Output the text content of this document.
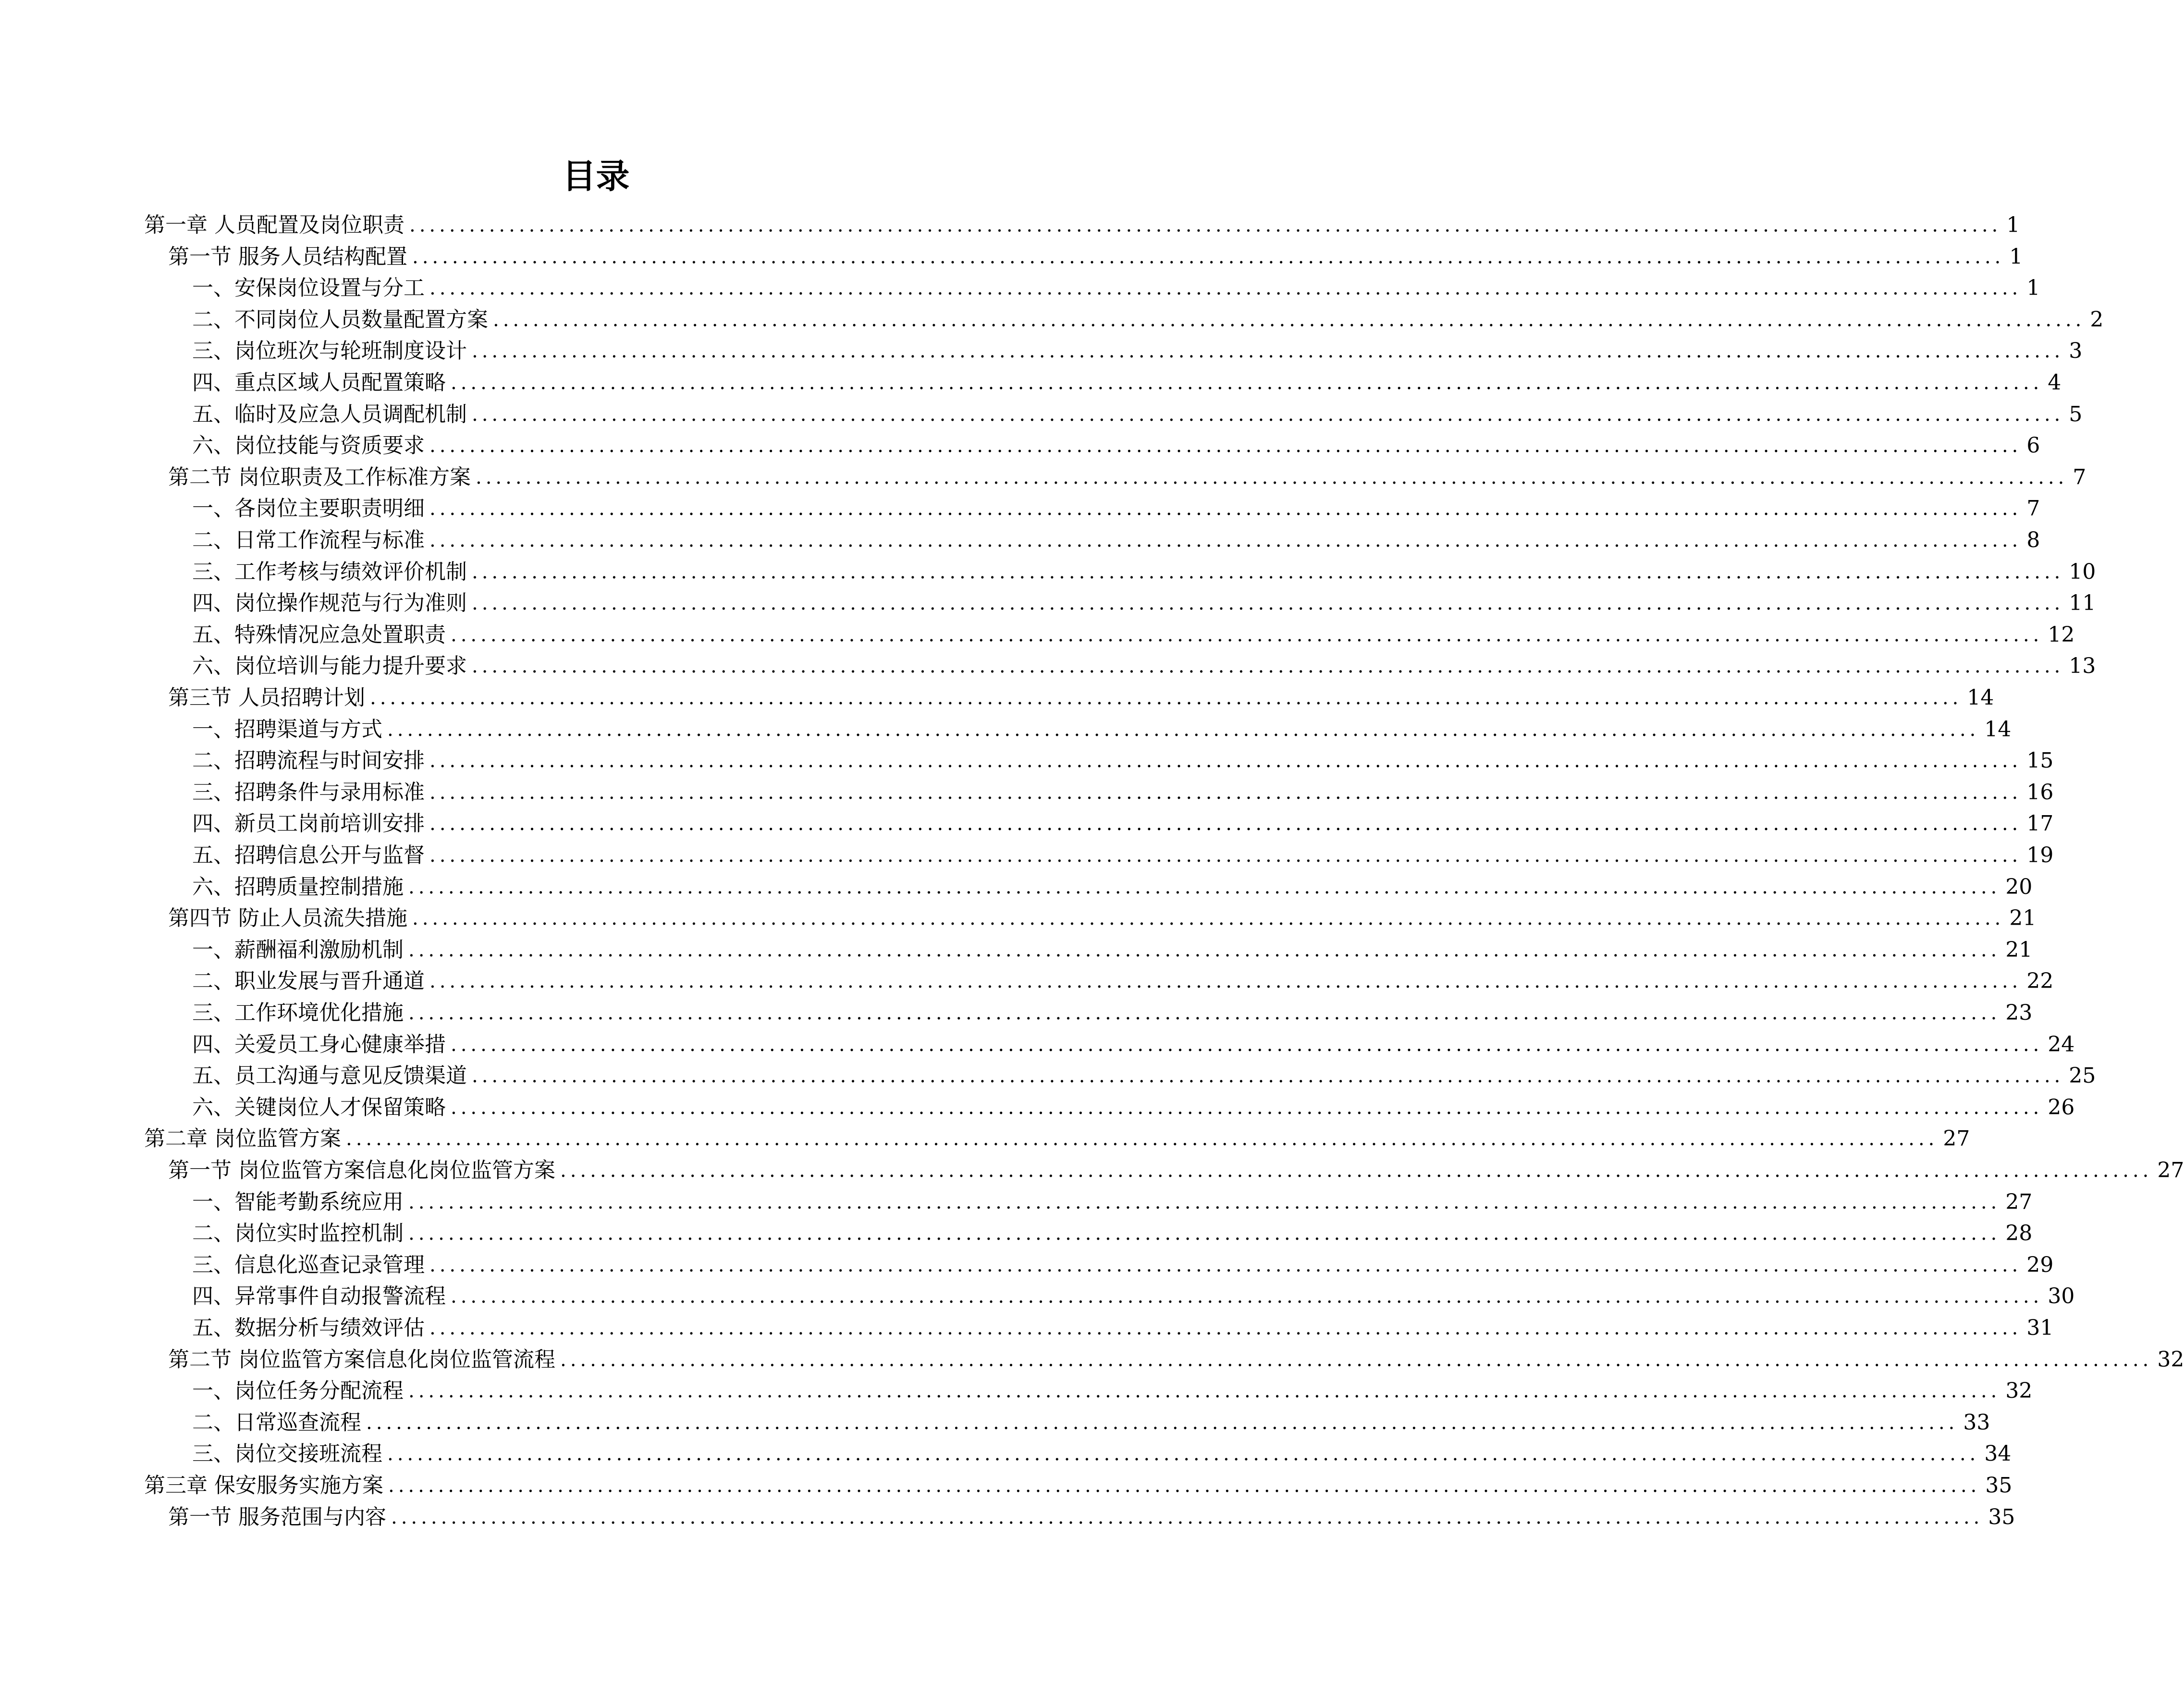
目录
第一章 人员配置及岗位职责 ................................................................................................................................................................ 1
第一节 服务人员结构配置 ................................................................................................................................................................ 1
一、安保岗位设置与分工 ................................................................................................................................................................ 1
二、不同岗位人员数量配置方案 ................................................................................................................................................................ 2
三、岗位班次与轮班制度设计 ................................................................................................................................................................ 3
四、重点区域人员配置策略 ................................................................................................................................................................ 4
五、临时及应急人员调配机制 ................................................................................................................................................................ 5
六、岗位技能与资质要求 ................................................................................................................................................................ 6
第二节 岗位职责及工作标准方案 ................................................................................................................................................................ 7
一、各岗位主要职责明细 ................................................................................................................................................................ 7
二、日常工作流程与标准 ................................................................................................................................................................ 8
三、工作考核与绩效评价机制 ................................................................................................................................................................ 10
四、岗位操作规范与行为准则 ................................................................................................................................................................ 11
五、特殊情况应急处置职责 ................................................................................................................................................................ 12
六、岗位培训与能力提升要求 ................................................................................................................................................................ 13
第三节 人员招聘计划 ................................................................................................................................................................ 14
一、招聘渠道与方式 ................................................................................................................................................................ 14
二、招聘流程与时间安排 ................................................................................................................................................................ 15
三、招聘条件与录用标准 ................................................................................................................................................................ 16
四、新员工岗前培训安排 ................................................................................................................................................................ 17
五、招聘信息公开与监督 ................................................................................................................................................................ 19
六、招聘质量控制措施 ................................................................................................................................................................ 20
第四节 防止人员流失措施 ................................................................................................................................................................ 21
一、薪酬福利激励机制 ................................................................................................................................................................ 21
二、职业发展与晋升通道 ................................................................................................................................................................ 22
三、工作环境优化措施 ................................................................................................................................................................ 23
四、关爱员工身心健康举措 ................................................................................................................................................................ 24
五、员工沟通与意见反馈渠道 ................................................................................................................................................................ 25
六、关键岗位人才保留策略 ................................................................................................................................................................ 26
第二章 岗位监管方案 ................................................................................................................................................................ 27
第一节 岗位监管方案信息化岗位监管方案 ................................................................................................................................................................ 27
一、智能考勤系统应用 ................................................................................................................................................................ 27
二、岗位实时监控机制 ................................................................................................................................................................ 28
三、信息化巡查记录管理 ................................................................................................................................................................ 29
四、异常事件自动报警流程 ................................................................................................................................................................ 30
五、数据分析与绩效评估 ................................................................................................................................................................ 31
第二节 岗位监管方案信息化岗位监管流程 ................................................................................................................................................................ 32
一、岗位任务分配流程 ................................................................................................................................................................ 32
二、日常巡查流程 ................................................................................................................................................................ 33
三、岗位交接班流程 ................................................................................................................................................................ 34
第三章 保安服务实施方案 ................................................................................................................................................................ 35
第一节 服务范围与内容 ................................................................................................................................................................ 35
